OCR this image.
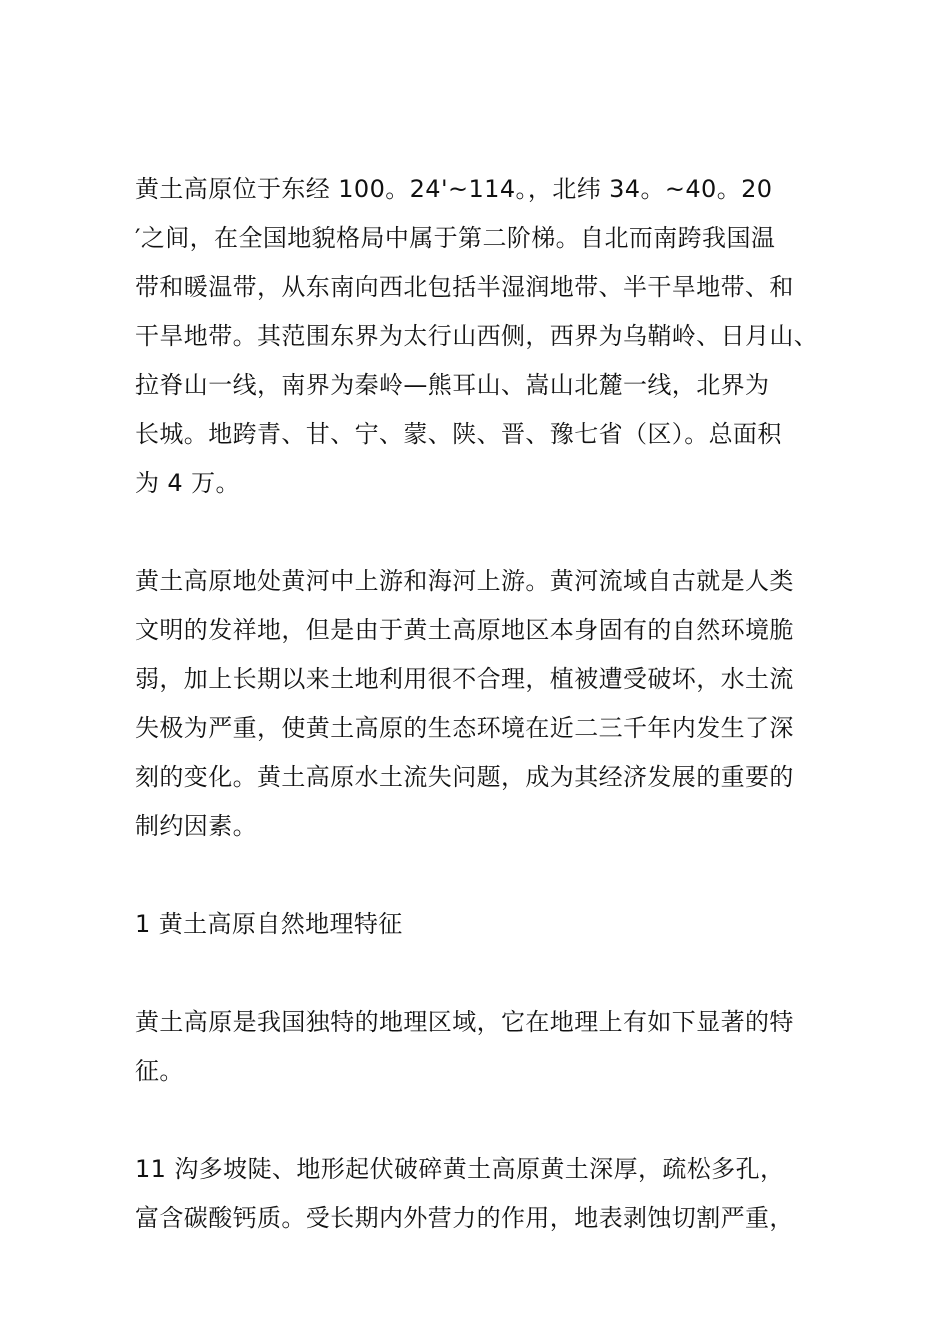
黄土高原位于东经 100。24'~114。，北纬 34。~40。20
′之间，在全国地貌格局中属于第二阶梯。自北而南跨我国温
带和暖温带，从东南向西北包括半湿润地带、半干旱地带、和
干旱地带。其范围东界为太行山西侧，西界为乌鞘岭、日月山、
拉脊山一线，南界为秦岭—熊耳山、嵩山北麓一线，北界为
长城。地跨青、甘、宁、蒙、陕、晋、豫七省（区）。总面积
为 4 万。
黄土高原地处黄河中上游和海河上游。黄河流域自古就是人类
文明的发祥地，但是由于黄土高原地区本身固有的自然环境脆
弱，加上长期以来土地利用很不合理，植被遭受破坏，水土流
失极为严重，使黄土高原的生态环境在近二三千年内发生了深
刻的变化。黄土高原水土流失问题，成为其经济发展的重要的
制约因素。
1 黄土高原自然地理特征
黄土高原是我国独特的地理区域，它在地理上有如下显著的特
征。
11 沟多坡陡、地形起伏破碎黄土高原黄土深厚，疏松多孔，
富含碳酸钙质。受长期内外营力的作用，地表剥蚀切割严重，
